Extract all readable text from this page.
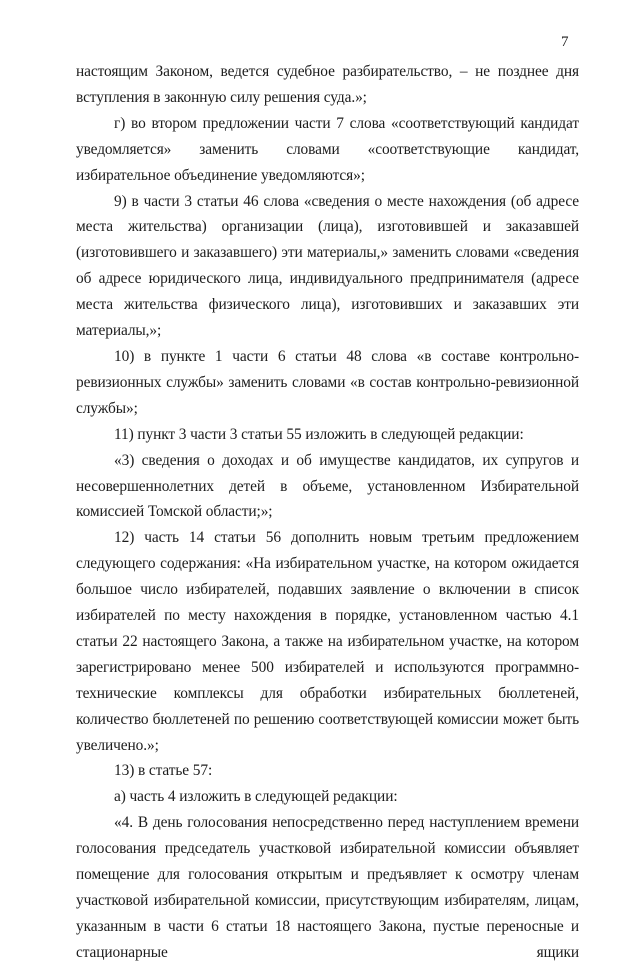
7

настоящим Законом, ведется судебное разбирательство, – не позднее дня вступления в законную силу решения суда.»;

г) во втором предложении части 7 слова «соответствующий кандидат уведомляется» заменить словами «соответствующие кандидат, избирательное объединение уведомляются»;

9) в части 3 статьи 46 слова «сведения о месте нахождения (об адресе места жительства) организации (лица), изготовившей и заказавшей (изготовившего и заказавшего) эти материалы,» заменить словами «сведения об адресе юридического лица, индивидуального предпринимателя (адресе места жительства физического лица), изготовивших и заказавших эти материалы,»;

10) в пункте 1 части 6 статьи 48 слова «в составе контрольно-ревизионных службы» заменить словами «в состав контрольно-ревизионной службы»;

11) пункт 3 части 3 статьи 55 изложить в следующей редакции:

«3) сведения о доходах и об имуществе кандидатов, их супругов и несовершеннолетних детей в объеме, установленном Избирательной комиссией Томской области;»;

12) часть 14 статьи 56 дополнить новым третьим предложением следующего содержания: «На избирательном участке, на котором ожидается большое число избирателей, подавших заявление о включении в список избирателей по месту нахождения в порядке, установленном частью 4.1 статьи 22 настоящего Закона, а также на избирательном участке, на котором зарегистрировано менее 500 избирателей и используются программно-технические комплексы для обработки избирательных бюллетеней, количество бюллетеней по решению соответствующей комиссии может быть увеличено.»;

13) в статье 57:

а) часть 4 изложить в следующей редакции:

«4. В день голосования непосредственно перед наступлением времени голосования председатель участковой избирательной комиссии объявляет помещение для голосования открытым и предъявляет к осмотру членам участковой избирательной комиссии, присутствующим избирателям, лицам, указанным в части 6 статьи 18 настоящего Закона, пустые переносные и стационарные ящики
